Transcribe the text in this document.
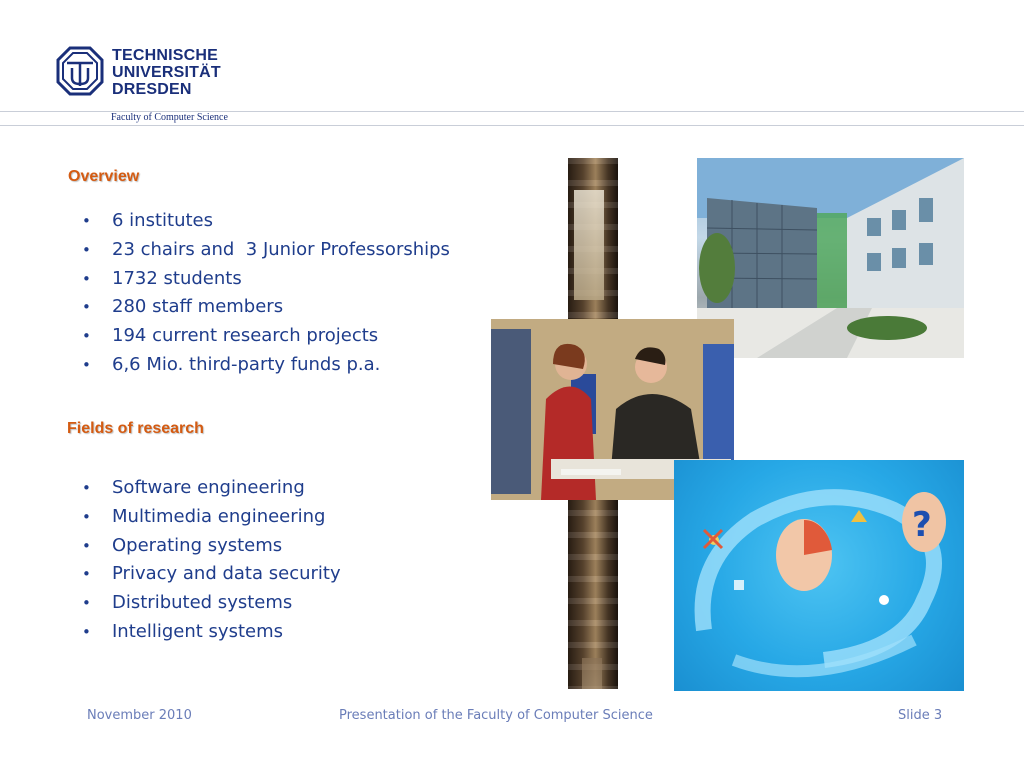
TECHNISCHE
UNIVERSITÄT
DRESDEN
Faculty of Computer Science
Overview
•	6 institutes
•	23 chairs and  3 Junior Professorships
•	1732 students
•	280 staff members
•	194 current research projects
•	6,6 Mio. third-party funds p.a.
Fields of research
•	Software engineering
•	Multimedia engineering
•	Operating systems
•	Privacy and data security
•	Distributed systems
•	Intelligent systems
?
November 2010	Presentation of the Faculty of Computer Science	Slide 3
